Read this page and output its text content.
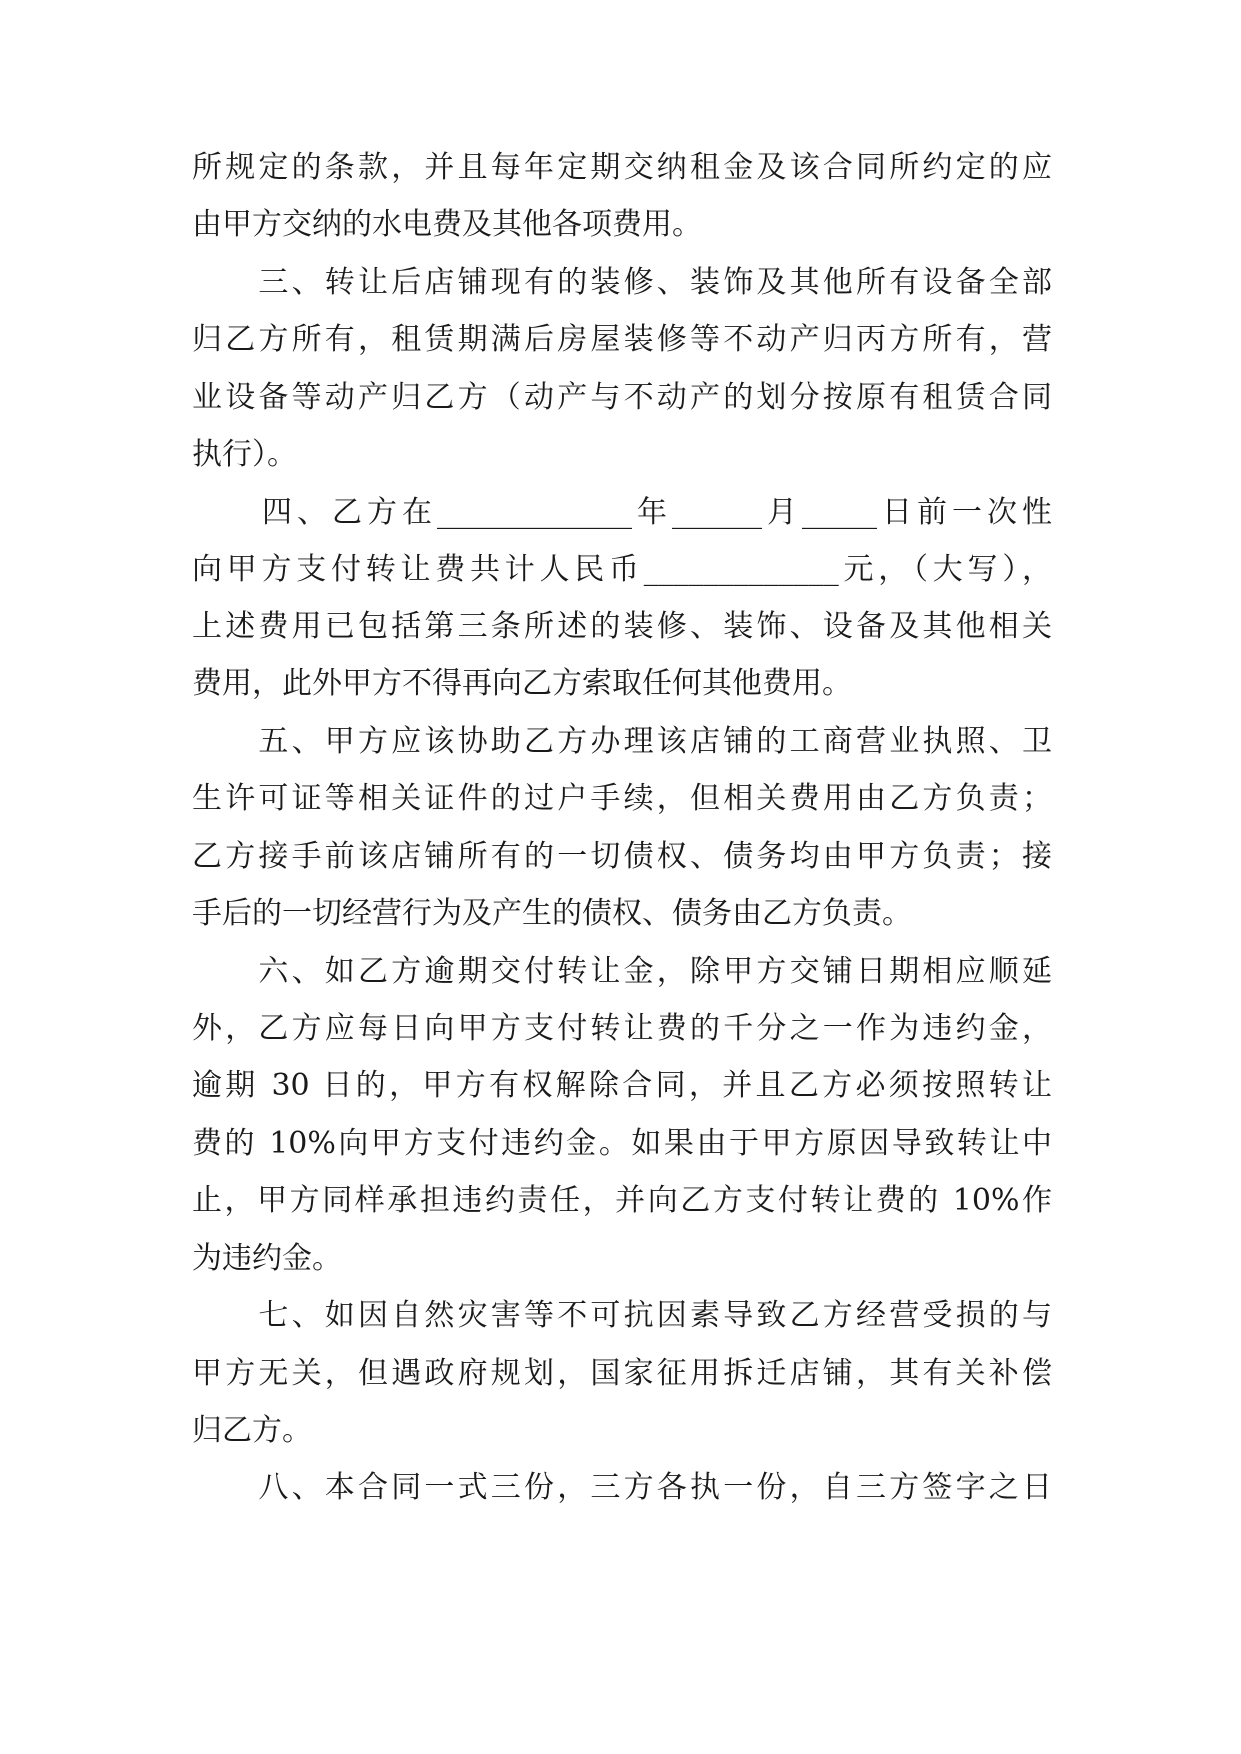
所规定的条款，并且每年定期交纳租金及该合同所约定的应
由甲方交纳的水电费及其他各项费用。
　　三、转让后店铺现有的装修、装饰及其他所有设备全部
归乙方所有，租赁期满后房屋装修等不动产归丙方所有，营
业设备等动产归乙方（动产与不动产的划分按原有租赁合同
执行）。
　　四、乙方在_____________年______月_____日前一次性
向甲方支付转让费共计人民币_____________元，（大写），
上述费用已包括第三条所述的装修、装饰、设备及其他相关
费用，此外甲方不得再向乙方索取任何其他费用。
　　五、甲方应该协助乙方办理该店铺的工商营业执照、卫
生许可证等相关证件的过户手续，但相关费用由乙方负责；
乙方接手前该店铺所有的一切债权、债务均由甲方负责；接
手后的一切经营行为及产生的债权、债务由乙方负责。
　　六、如乙方逾期交付转让金，除甲方交铺日期相应顺延
外，乙方应每日向甲方支付转让费的千分之一作为违约金，
逾期 30 日的，甲方有权解除合同，并且乙方必须按照转让
费的 10%向甲方支付违约金。如果由于甲方原因导致转让中
止，甲方同样承担违约责任，并向乙方支付转让费的 10%作
为违约金。
　　七、如因自然灾害等不可抗因素导致乙方经营受损的与
甲方无关，但遇政府规划，国家征用拆迁店铺，其有关补偿
归乙方。
　　八、本合同一式三份，三方各执一份，自三方签字之日
